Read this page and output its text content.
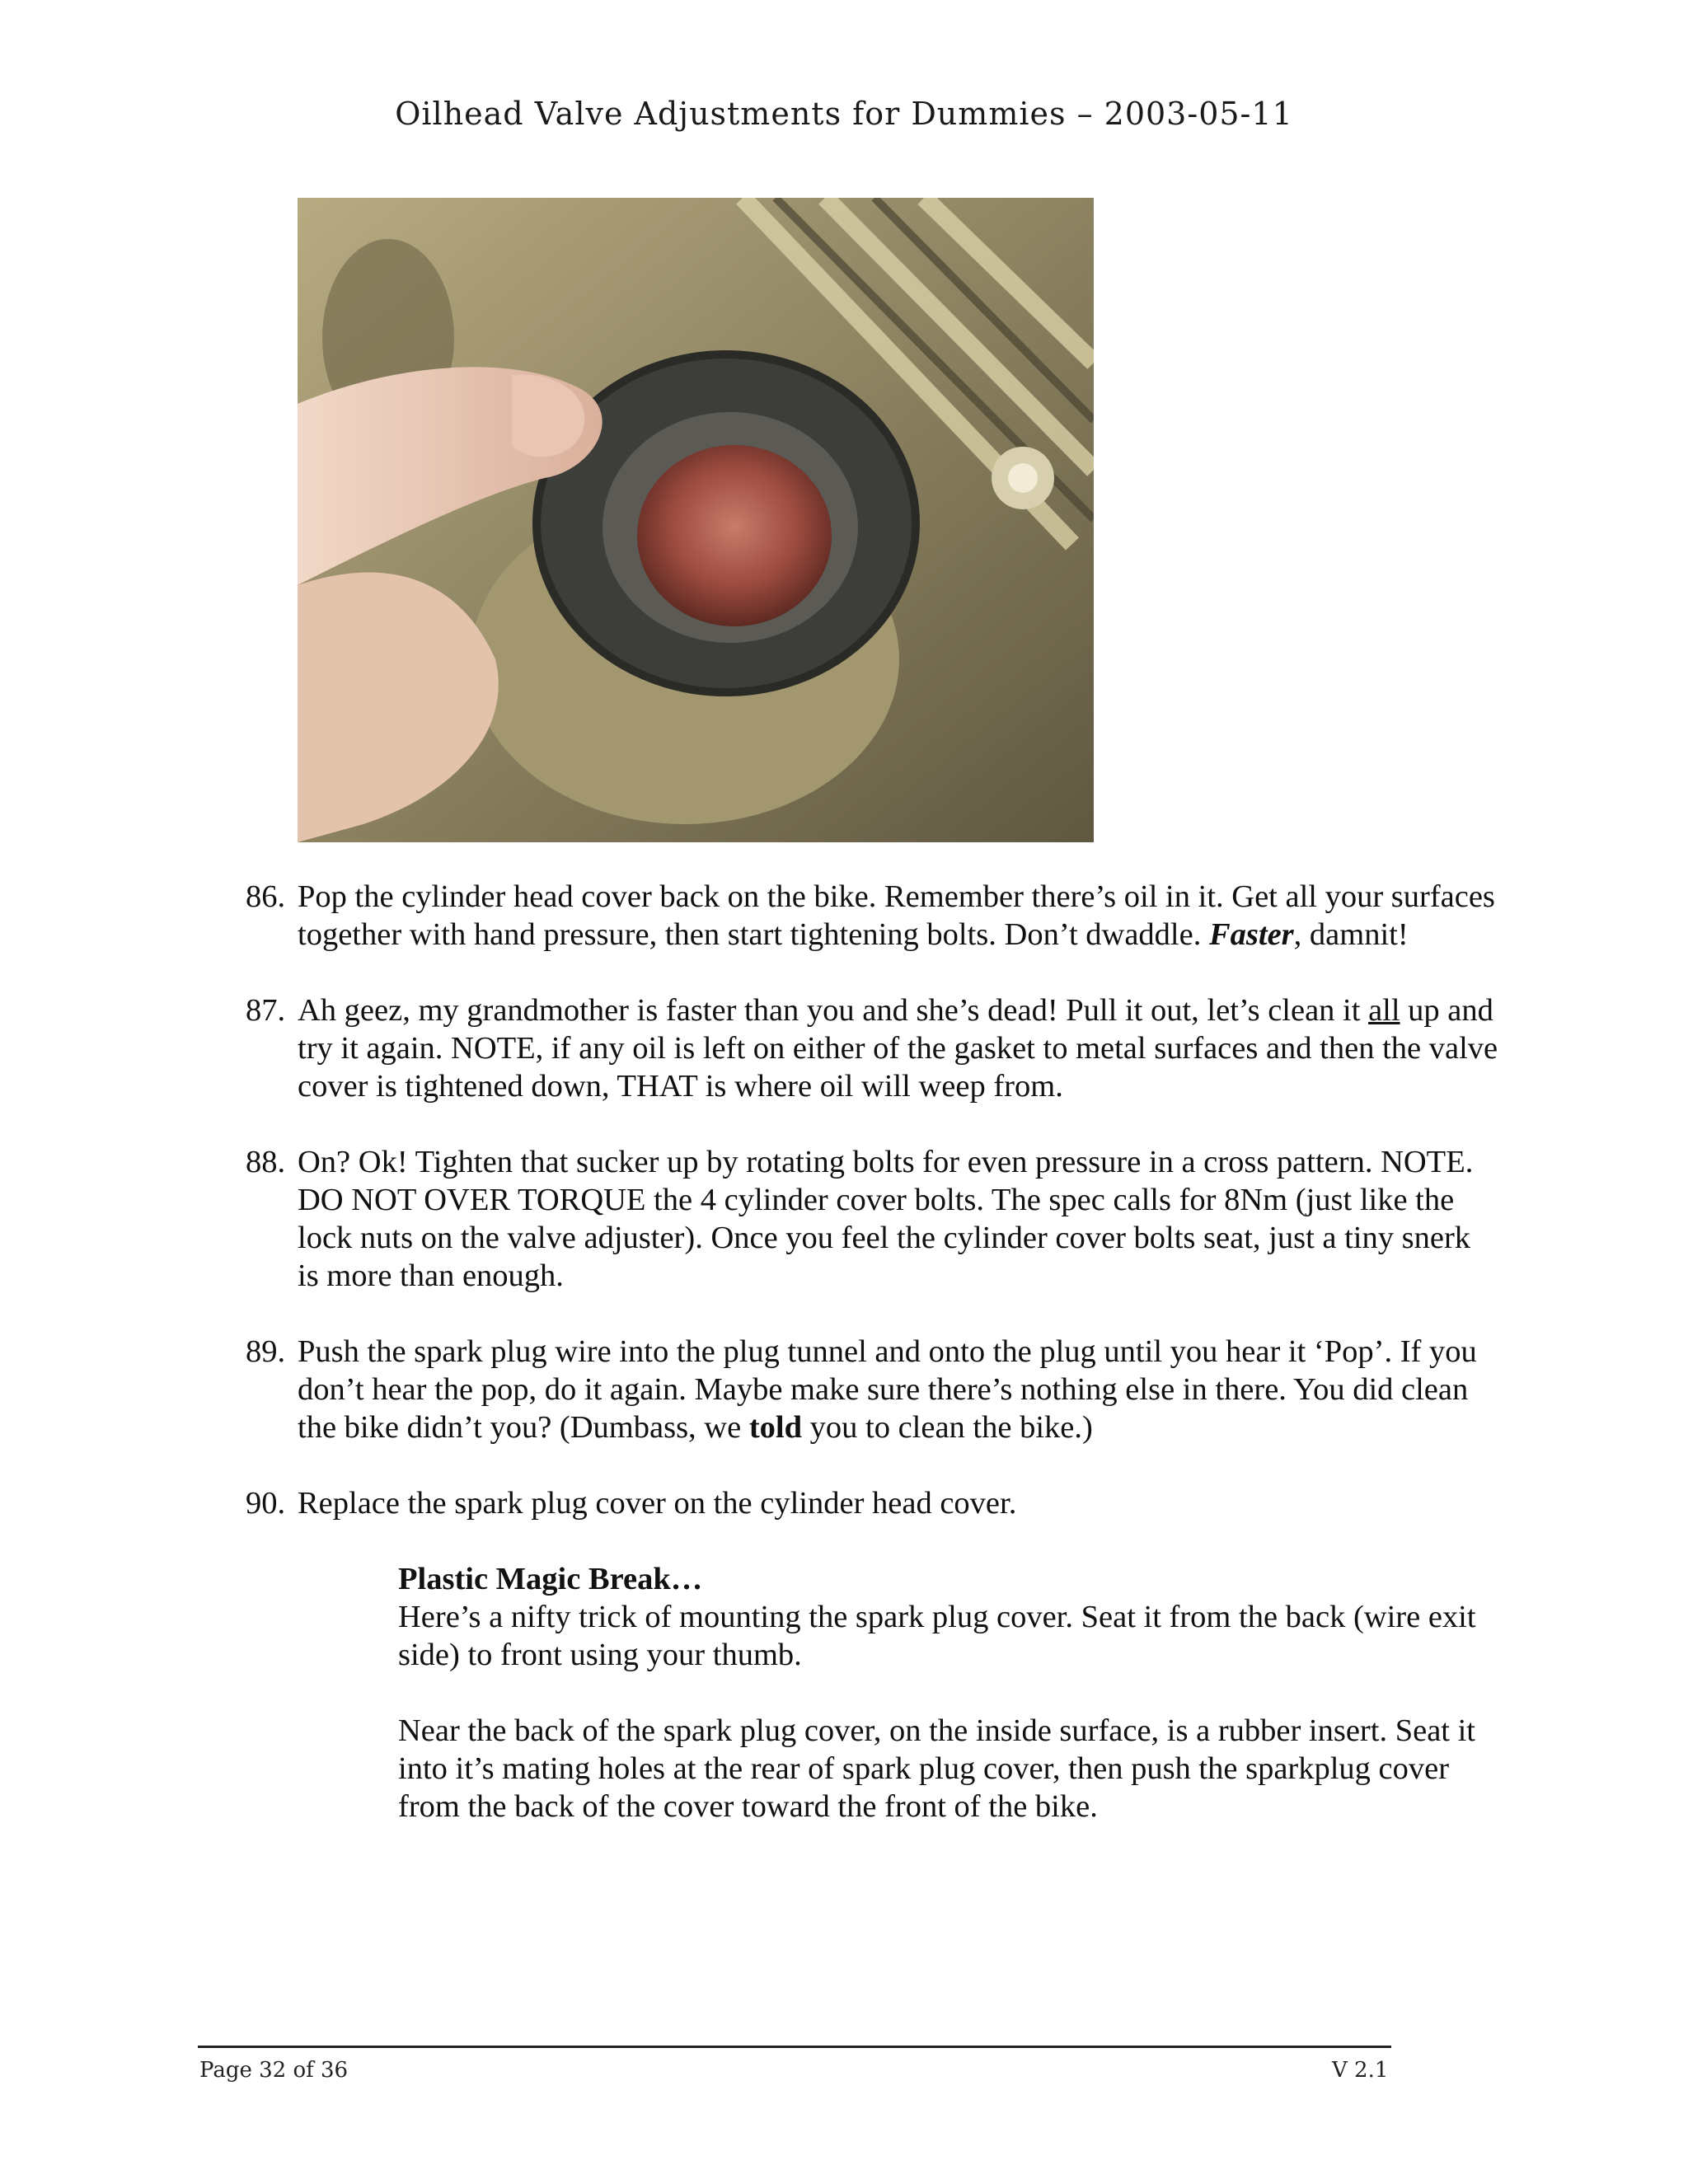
Oilhead Valve Adjustments for Dummies – 2003-05-11
86. Pop the cylinder head cover back on the bike. Remember there’s oil in it. Get all your surfaces together with hand pressure, then start tightening bolts. Don’t dwaddle. Faster, damnit!
87. Ah geez, my grandmother is faster than you and she’s dead! Pull it out, let’s clean it all up and try it again. NOTE, if any oil is left on either of the gasket to metal surfaces and then the valve cover is tightened down, THAT is where oil will weep from.
88. On? Ok! Tighten that sucker up by rotating bolts for even pressure in a cross pattern. NOTE. DO NOT OVER TORQUE the 4 cylinder cover bolts. The spec calls for 8Nm (just like the lock nuts on the valve adjuster). Once you feel the cylinder cover bolts seat, just a tiny snerk is more than enough.
89. Push the spark plug wire into the plug tunnel and onto the plug until you hear it ‘Pop’. If you don’t hear the pop, do it again. Maybe make sure there’s nothing else in there. You did clean the bike didn’t you? (Dumbass, we told you to clean the bike.)
90. Replace the spark plug cover on the cylinder head cover.

Plastic Magic Break…
Here’s a nifty trick of mounting the spark plug cover. Seat it from the back (wire exit side) to front using your thumb.

Near the back of the spark plug cover, on the inside surface, is a rubber insert. Seat it into it’s mating holes at the rear of spark plug cover, then push the sparkplug cover from the back of the cover toward the front of the bike.

Page 32 of 36	V 2.1
